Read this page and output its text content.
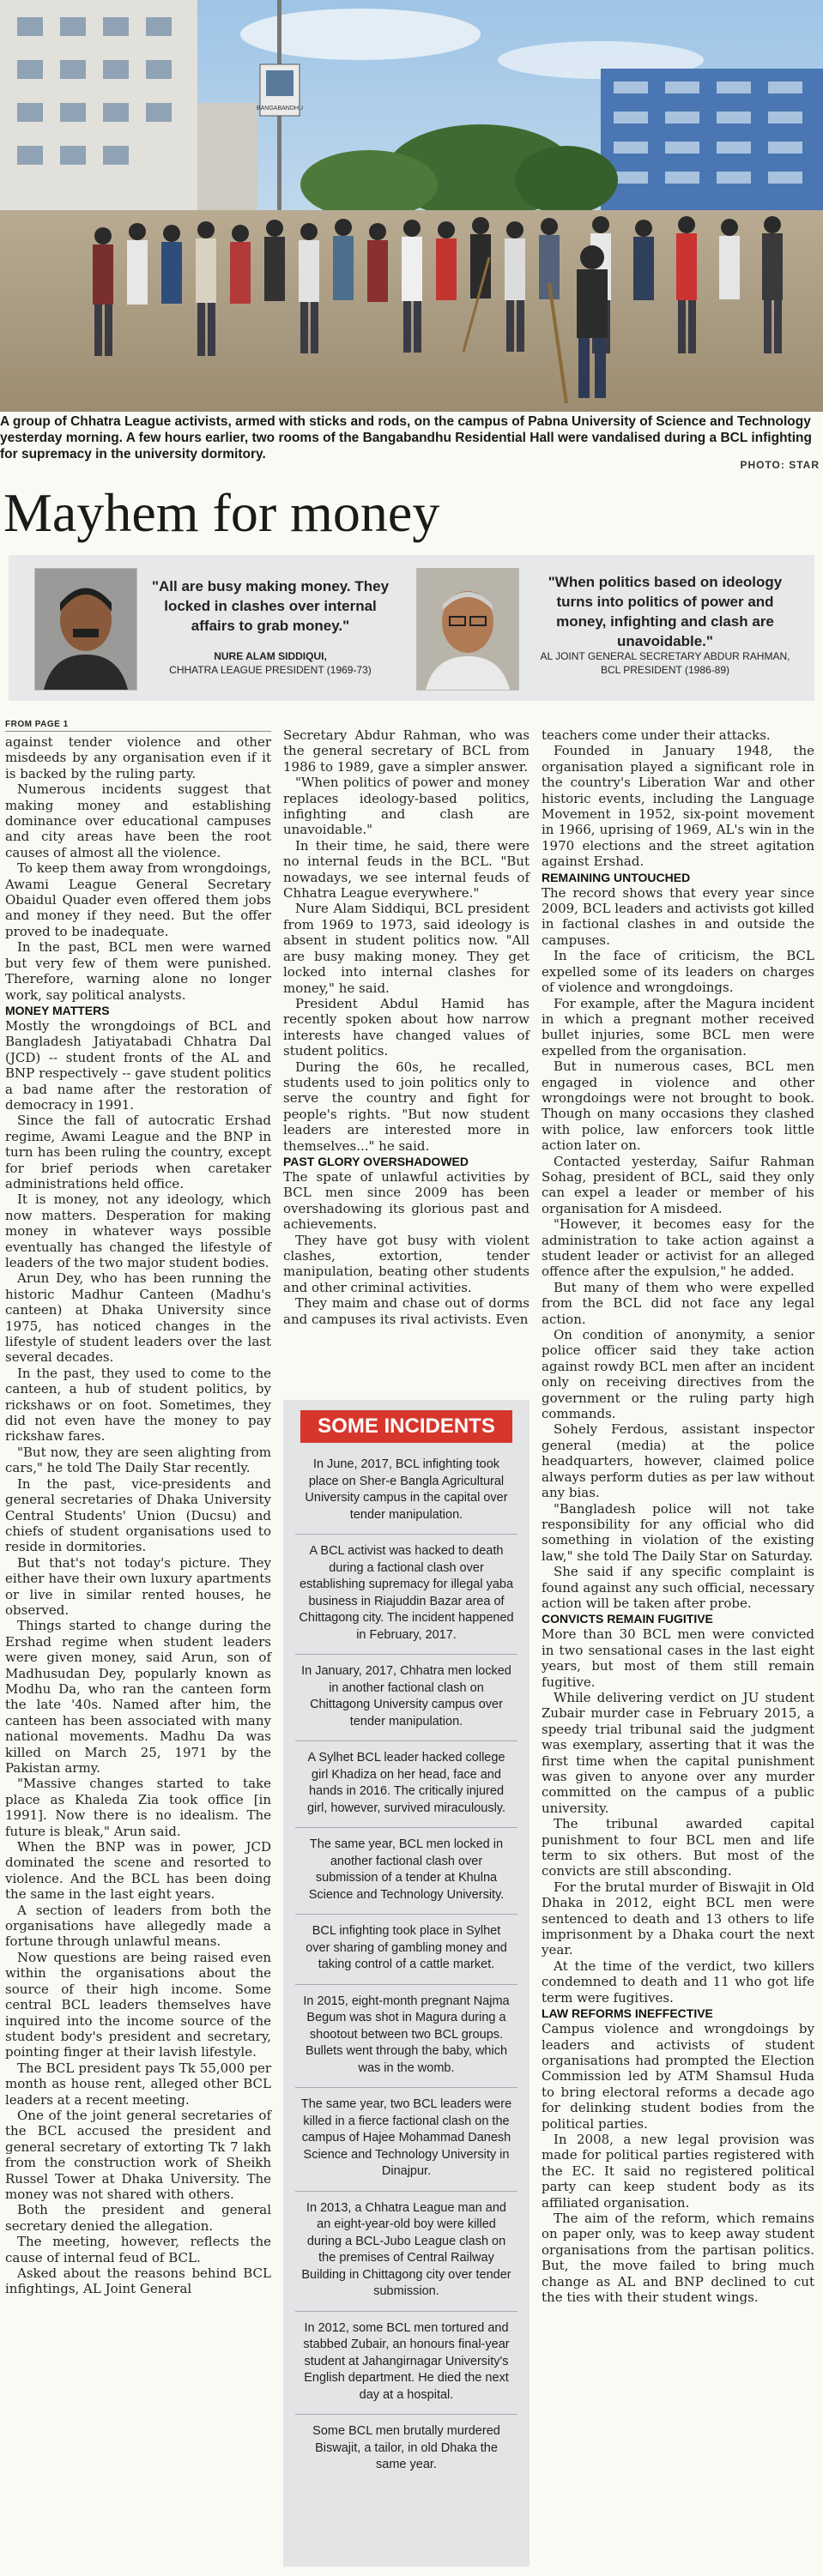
BANGABANDHU
A group of Chhatra League activists, armed with sticks and rods, on the campus of Pabna University of Science and Technology yesterday morning. A few hours earlier, two rooms of the Bangabandhu Residential Hall were vandalised during a BCL infighting for supremacy in the university dormitory.
PHOTO: STAR
Mayhem for money
"All are busy making money. They locked in clashes over internal affairs to grab money."
NURE ALAM SIDDIQUI,
CHHATRA LEAGUE PRESIDENT (1969-73)
"When politics based on ideology turns into politics of power and money, infighting and clash are unavoidable."
AL JOINT GENERAL SECRETARY ABDUR RAHMAN,
BCL PRESIDENT (1986-89)
FROM PAGE 1

against tender violence and other misdeeds by any organisation even if it is backed by the ruling party.

Numerous incidents suggest that making money and establishing dominance over educational campuses and city areas have been the root causes of almost all the violence.

To keep them away from wrongdoings, Awami League General Secretary Obaidul Quader even offered them jobs and money if they need. But the offer proved to be inadequate.

In the past, BCL men were warned but very few of them were punished. Therefore, warning alone no longer work, say political analysts.

MONEY MATTERS

Mostly the wrongdoings of BCL and Bangladesh Jatiyatabadi Chhatra Dal (JCD) -- student fronts of the AL and BNP respectively -- gave student politics a bad name after the restoration of democracy in 1991.

Since the fall of autocratic Ershad regime, Awami League and the BNP in turn has been ruling the country, except for brief periods when caretaker administrations held office.

It is money, not any ideology, which now matters. Desperation for making money in whatever ways possible eventually has changed the lifestyle of leaders of the two major student bodies.

Arun Dey, who has been running the historic Madhur Canteen (Madhu's canteen) at Dhaka University since 1975, has noticed changes in the lifestyle of student leaders over the last several decades.

In the past, they used to come to the canteen, a hub of student politics, by rickshaws or on foot. Sometimes, they did not even have the money to pay rickshaw fares.

"But now, they are seen alighting from cars," he told The Daily Star recently.

In the past, vice-presidents and general secretaries of Dhaka University Central Students' Union (Ducsu) and chiefs of student organisations used to reside in dormitories.

But that's not today's picture. They either have their own luxury apartments or live in similar rented houses, he observed.

Things started to change during the Ershad regime when student leaders were given money, said Arun, son of Madhusudan Dey, popularly known as Modhu Da, who ran the canteen form the late '40s. Named after him, the canteen has been associated with many national movements. Madhu Da was killed on March 25, 1971 by the Pakistan army.

"Massive changes started to take place as Khaleda Zia took office [in 1991]. Now there is no idealism. The future is bleak," Arun said.

When the BNP was in power, JCD dominated the scene and resorted to violence. And the BCL has been doing the same in the last eight years.

A section of leaders from both the organisations have allegedly made a fortune through unlawful means.

Now questions are being raised even within the organisations about the source of their high income. Some central BCL leaders themselves have inquired into the income source of the student body's president and secretary, pointing finger at their lavish lifestyle.

The BCL president pays Tk 55,000 per month as house rent, alleged other BCL leaders at a recent meeting.

One of the joint general secretaries of the BCL accused the president and general secretary of extorting Tk 7 lakh from the construction work of Sheikh Russel Tower at Dhaka University. The money was not shared with others.

Both the president and general secretary denied the allegation.

The meeting, however, reflects the cause of internal feud of BCL.

Asked about the reasons behind BCL infightings, AL Joint General

Secretary Abdur Rahman, who was the general secretary of BCL from 1986 to 1989, gave a simpler answer.

"When politics of power and money replaces ideology-based politics, infighting and clash are unavoidable."

In their time, he said, there were no internal feuds in the BCL. "But nowadays, we see internal feuds of Chhatra League everywhere."

Nure Alam Siddiqui, BCL president from 1969 to 1973, said ideology is absent in student politics now. "All are busy making money. They get locked into internal clashes for money," he said.

President Abdul Hamid has recently spoken about how narrow interests have changed values of student politics.

During the 60s, he recalled, students used to join politics only to serve the country and fight for people's rights. "But now student leaders are interested more in themselves..." he said.

PAST GLORY OVERSHADOWED

The spate of unlawful activities by BCL men since 2009 has been overshadowing its glorious past and achievements.

They have got busy with violent clashes, extortion, tender manipulation, beating other students and other criminal activities.

They maim and chase out of dorms and campuses its rival activists. Even

teachers come under their attacks.

Founded in January 1948, the organisation played a significant role in the country's Liberation War and other historic events, including the Language Movement in 1952, six-point movement in 1966, uprising of 1969, AL's win in the 1970 elections and the street agitation against Ershad.

REMAINING UNTOUCHED

The record shows that every year since 2009, BCL leaders and activists got killed in factional clashes in and outside the campuses.

In the face of criticism, the BCL expelled some of its leaders on charges of violence and wrongdoings.

For example, after the Magura incident in which a pregnant mother received bullet injuries, some BCL men were expelled from the organisation.

But in numerous cases, BCL men engaged in violence and other wrongdoings were not brought to book. Though on many occasions they clashed with police, law enforcers took little action later on.

Contacted yesterday, Saifur Rahman Sohag, president of BCL, said they only can expel a leader or member of his organisation for A misdeed.

"However, it becomes easy for the administration to take action against a student leader or activist for an alleged offence after the expulsion," he added.

But many of them who were expelled from the BCL did not face any legal action.

On condition of anonymity, a senior police officer said they take action against rowdy BCL men after an incident only on receiving directives from the government or the ruling party high commands.

Sohely Ferdous, assistant inspector general (media) at the police headquarters, however, claimed police always perform duties as per law without any bias.

"Bangladesh police will not take responsibility for any official who did something in violation of the existing law," she told The Daily Star on Saturday.

She said if any specific complaint is found against any such official, necessary action will be taken after probe.

CONVICTS REMAIN FUGITIVE

More than 30 BCL men were convicted in two sensational cases in the last eight years, but most of them still remain fugitive.

While delivering verdict on JU student Zubair murder case in February 2015, a speedy trial tribunal said the judgment was exemplary, asserting that it was the first time when the capital punishment was given to anyone over any murder committed on the campus of a public university.

The tribunal awarded capital punishment to four BCL men and life term to six others. But most of the convicts are still absconding.

For the brutal murder of Biswajit in Old Dhaka in 2012, eight BCL men were sentenced to death and 13 others to life imprisonment by a Dhaka court the next year.

At the time of the verdict, two killers condemned to death and 11 who got life term were fugitives.

LAW REFORMS INEFFECTIVE

Campus violence and wrongdoings by leaders and activists of student organisations had prompted the Election Commission led by ATM Shamsul Huda to bring electoral reforms a decade ago for delinking student bodies from the political parties.

In 2008, a new legal provision was made for political parties registered with the EC. It said no registered political party can keep student body as its affiliated organisation.

The aim of the reform, which remains on paper only, was to keep away student organisations from the partisan politics. But, the move failed to bring much change as AL and BNP declined to cut the ties with their student wings.

SOME INCIDENTS
In June, 2017, BCL infighting took place on Sher-e Bangla Agricultural University campus in the capital over tender manipulation.
A BCL activist was hacked to death during a factional clash over establishing supremacy for illegal yaba business in Riajuddin Bazar area of Chittagong city. The incident happened in February, 2017.
In January, 2017, Chhatra men locked in another factional clash on Chittagong University campus over tender manipulation.
A Sylhet BCL leader hacked college girl Khadiza on her head, face and hands in 2016. The critically injured girl, however, survived miraculously.
The same year, BCL men locked in another factional clash over submission of a tender at Khulna Science and Technology University.
BCL infighting took place in Sylhet over sharing of gambling money and taking control of a cattle market.
In 2015, eight-month pregnant Najma Begum was shot in Magura during a shootout between two BCL groups. Bullets went through the baby, which was in the womb.
The same year, two BCL leaders were killed in a fierce factional clash on the campus of Hajee Mohammad Danesh Science and Technology University in Dinajpur.
In 2013, a Chhatra League man and an eight-year-old boy were killed during a BCL-Jubo League clash on the premises of Central Railway Building in Chittagong city over tender submission.
In 2012, some BCL men tortured and stabbed Zubair, an honours final-year student at Jahangirnagar University's English department. He died the next day at a hospital.
Some BCL men brutally murdered Biswajit, a tailor, in old Dhaka the same year.
